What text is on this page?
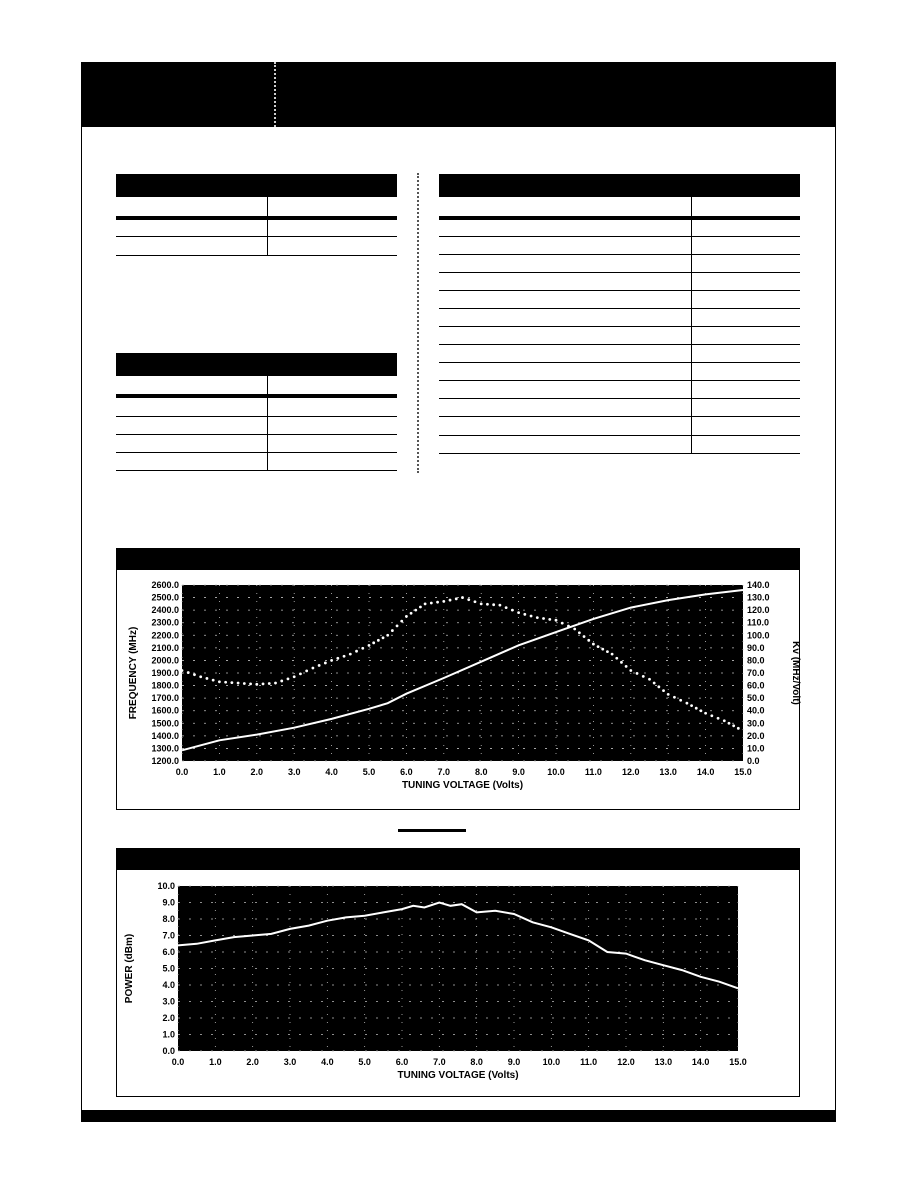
0.0	1.0	2.0	3.0	4.0	5.0	6.0	7.0	8.0	9.0 10.0 11.0 12.0 13.0 14.0 15.0
1200.0
1300.0
1400.0
1500.0
1600.0
1700.0
1800.0
1900.0
2000.0
2100.0
2200.0
2300.0
2400.0
2500.0
2600.0
0.0
10.0
20.0
30.0
40.0
50.0
60.0
70.0
80.0
90.0
100.0
110.0
120.0
130.0
140.0
Kv (MHz/Volt)
TUNING VOLTAGE (Volts)
FREQUENCY (MHz)
0.0	1.0	2.0	3.0	4.0	5.0	6.0	7.0	8.0	9.0 10.0 11.0 12.0 13.0 14.0 15.0
0.0
1.0
2.0
3.0
4.0
5.0
6.0
7.0
8.0
9.0
10.0
TUNING VOLTAGE (Volts)
POWER (dBm)
